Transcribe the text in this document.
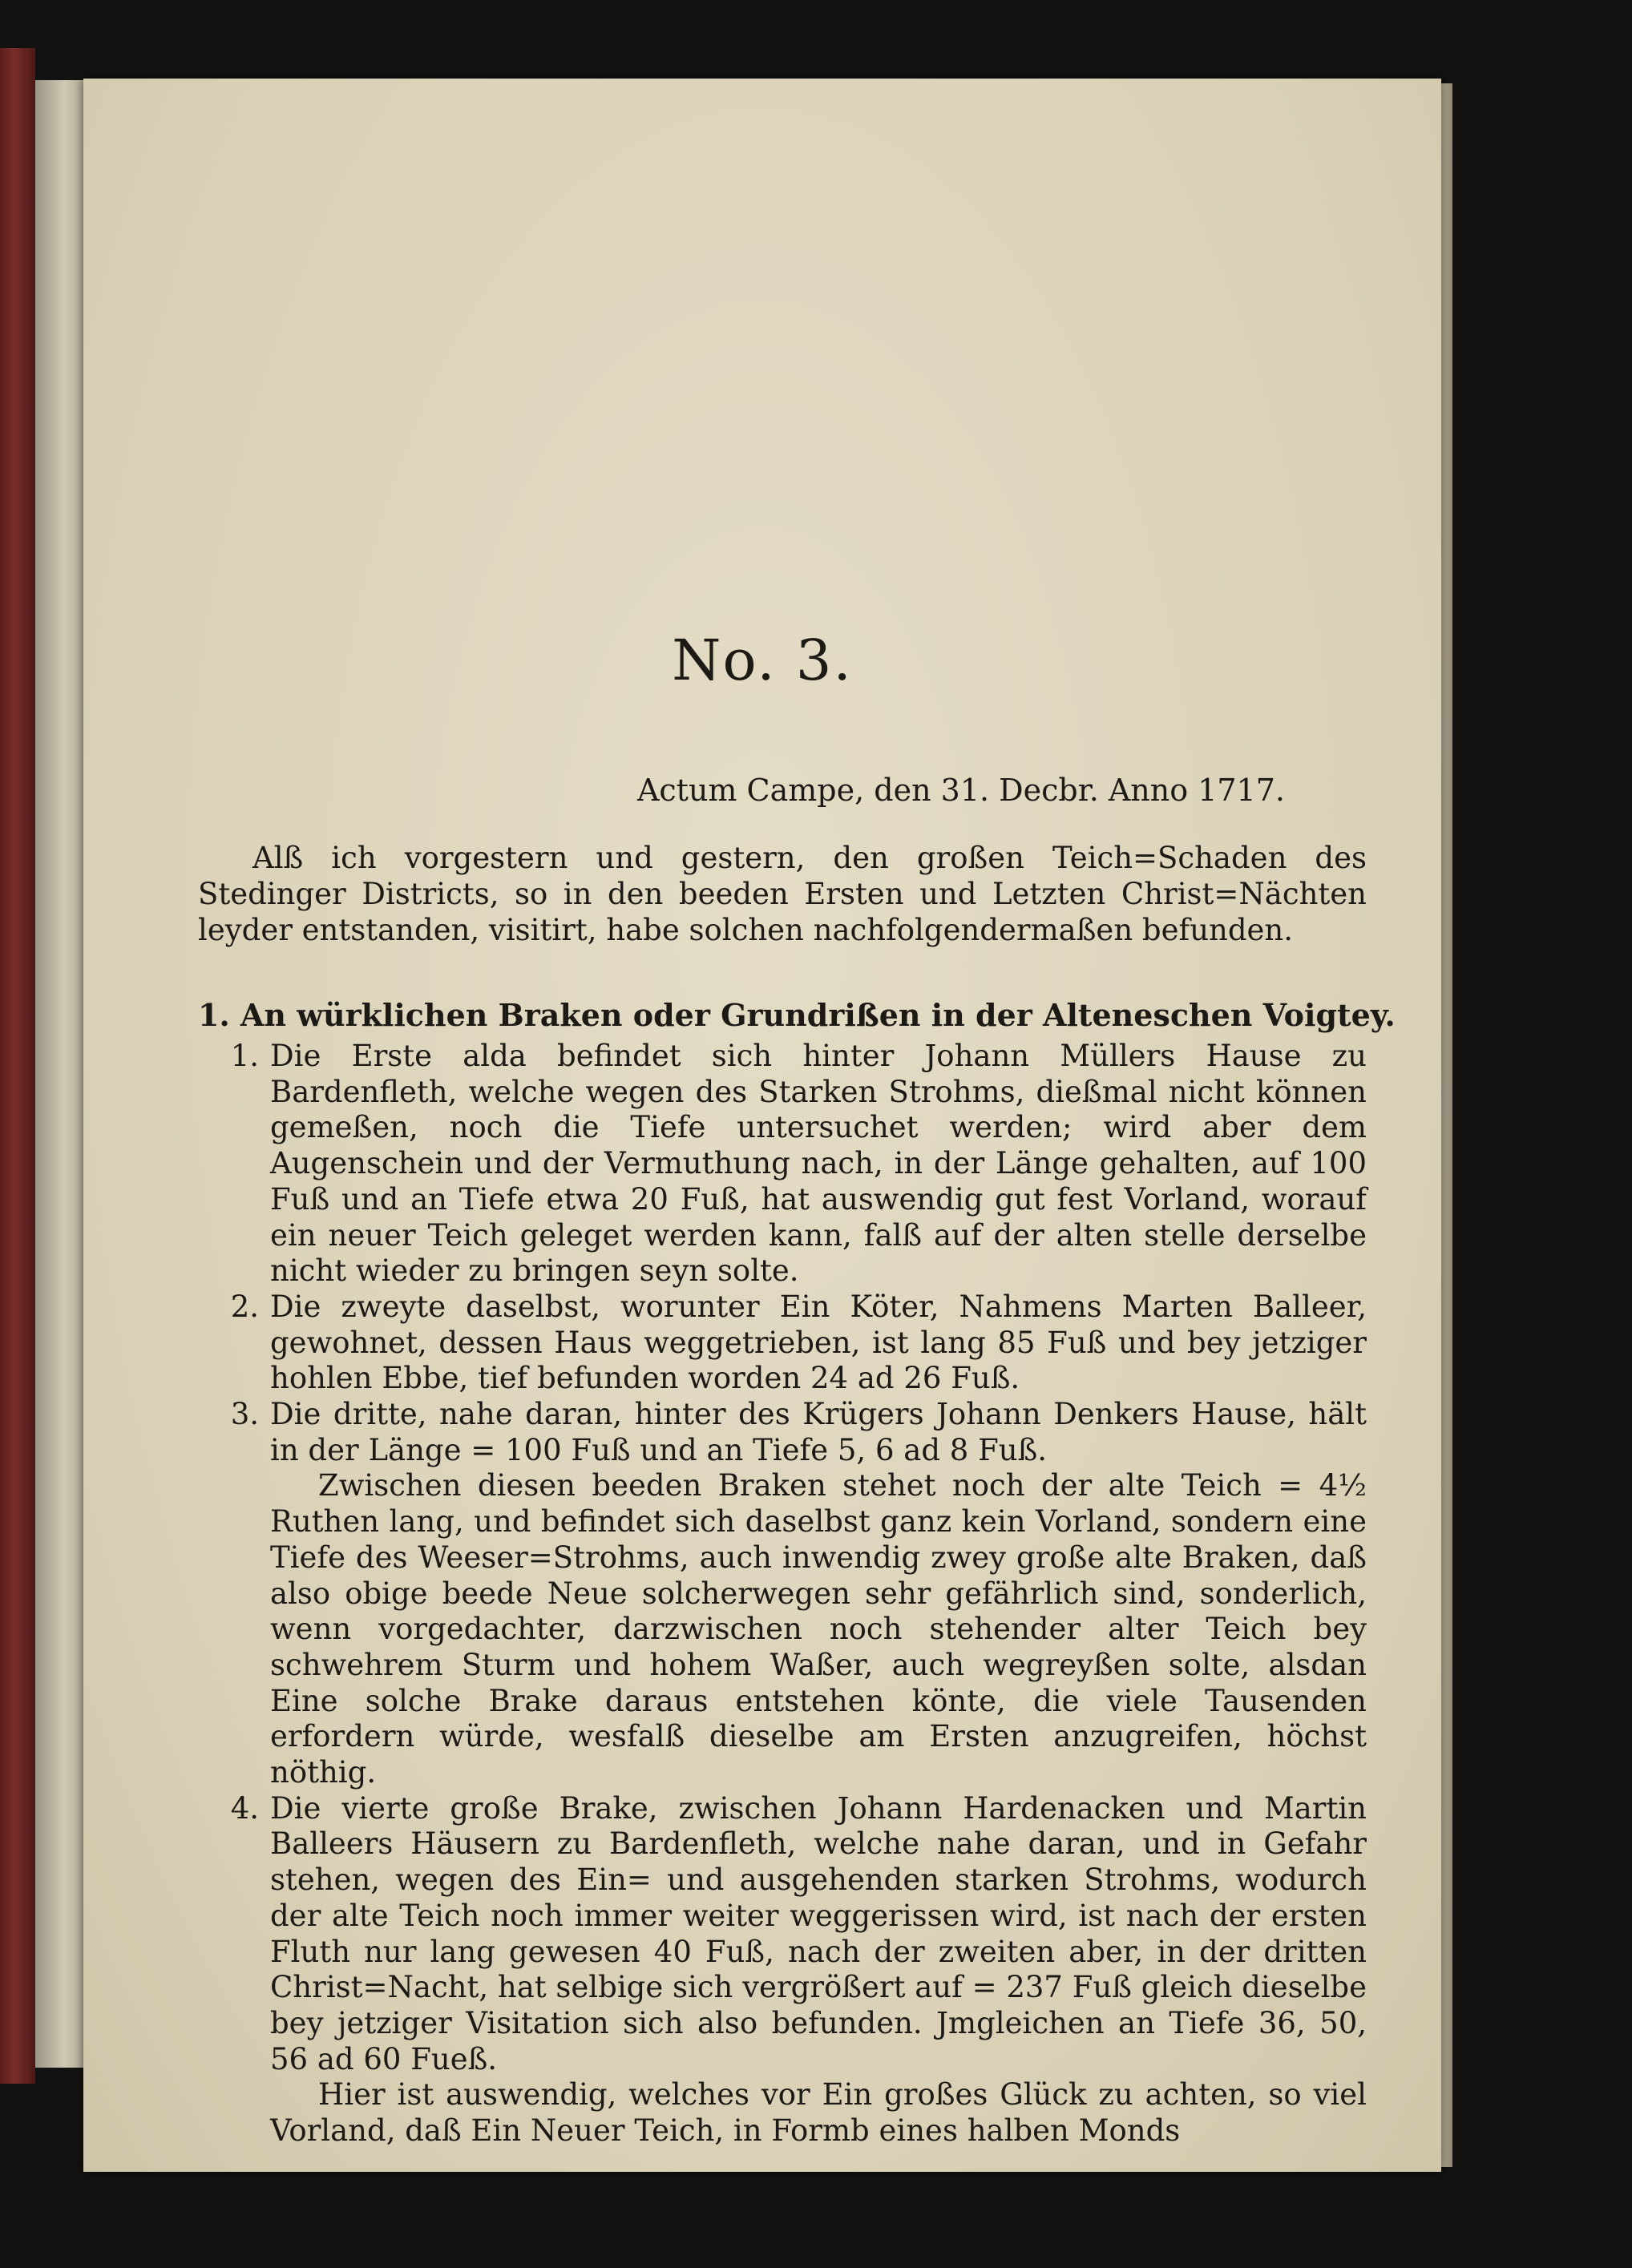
No. 3.
Actum Campe, den 31. Decbr. Anno 1717.

Alß ich vorgestern und gestern, den großen Teich=Schaden des Stedinger Districts, so in den beeden Ersten und Letzten Christ=Nächten leyder entstanden, visitirt, habe solchen nachfolgendermaßen befunden.

1. An würklichen Braken oder Grundrißen in der Alteneschen Voigtey.
1. Die Erste alda befindet sich hinter Johann Müllers Hause zu Bardenfleth, welche wegen des Starken Strohms, dießmal nicht können gemeßen, noch die Tiefe untersuchet werden; wird aber dem Augenschein und der Vermuthung nach, in der Länge gehalten, auf 100 Fuß und an Tiefe etwa 20 Fuß, hat auswendig gut fest Vorland, worauf ein neuer Teich geleget werden kann, falß auf der alten stelle derselbe nicht wieder zu bringen seyn solte.
2. Die zweyte daselbst, worunter Ein Köter, Nahmens Marten Balleer, gewohnet, dessen Haus weggetrieben, ist lang 85 Fuß und bey jetziger hohlen Ebbe, tief befunden worden 24 ad 26 Fuß.
3. Die dritte, nahe daran, hinter des Krügers Johann Denkers Hause, hält in der Länge = 100 Fuß und an Tiefe 5, 6 ad 8 Fuß.
Zwischen diesen beeden Braken stehet noch der alte Teich = 4½ Ruthen lang, und befindet sich daselbst ganz kein Vorland, sondern eine Tiefe des Weeser=Strohms, auch inwendig zwey große alte Braken, daß also obige beede Neue solcherwegen sehr gefährlich sind, sonderlich, wenn vorgedachter, darzwischen noch stehender alter Teich bey schwehrem Sturm und hohem Waßer, auch wegreyßen solte, alsdan Eine solche Brake daraus entstehen könte, die viele Tausenden erfordern würde, wesfalß dieselbe am Ersten anzugreifen, höchst nöthig.
4. Die vierte große Brake, zwischen Johann Hardenacken und Martin Balleers Häusern zu Bardenfleth, welche nahe daran, und in Gefahr stehen, wegen des Ein= und ausgehenden starken Strohms, wodurch der alte Teich noch immer weiter weggerissen wird, ist nach der ersten Fluth nur lang gewesen 40 Fuß, nach der zweiten aber, in der dritten Christ=Nacht, hat selbige sich vergrößert auf = 237 Fuß gleich dieselbe bey jetziger Visitation sich also befunden. Jmgleichen an Tiefe 36, 50, 56 ad 60 Fueß.
Hier ist auswendig, welches vor Ein großes Glück zu achten, so viel Vorland, daß Ein Neuer Teich, in Formb eines halben Monds
